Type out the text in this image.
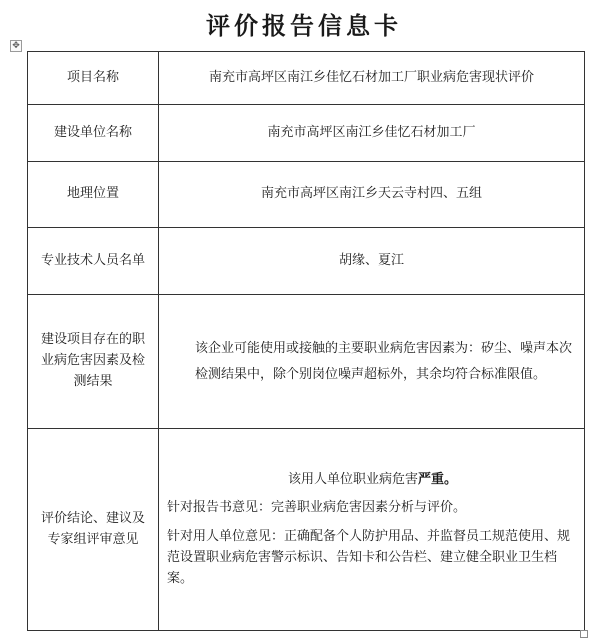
评价报告信息卡
✥
项目名称	南充市高坪区南江乡佳忆石材加工厂职业病危害现状评价
建设单位名称	南充市高坪区南江乡佳忆石材加工厂
地理位置	南充市高坪区南江乡天云寺村四、五组
专业技术人员名单	胡缘、夏江
建设项目存在的职业病危害因素及检测结果	该企业可能使用或接触的主要职业病危害因素为：矽尘、噪声本次检测结果中，除个别岗位噪声超标外，其余均符合标准限值。

评价结论、建议及专家组评审意见	该用人单位职业病危害严重。
针对报告书意见：完善职业病危害因素分析与评价。
针对用人单位意见：正确配备个人防护用品、并监督员工规范使用、规范设置职业病危害警示标识、告知卡和公告栏、建立健全职业卫生档案。
